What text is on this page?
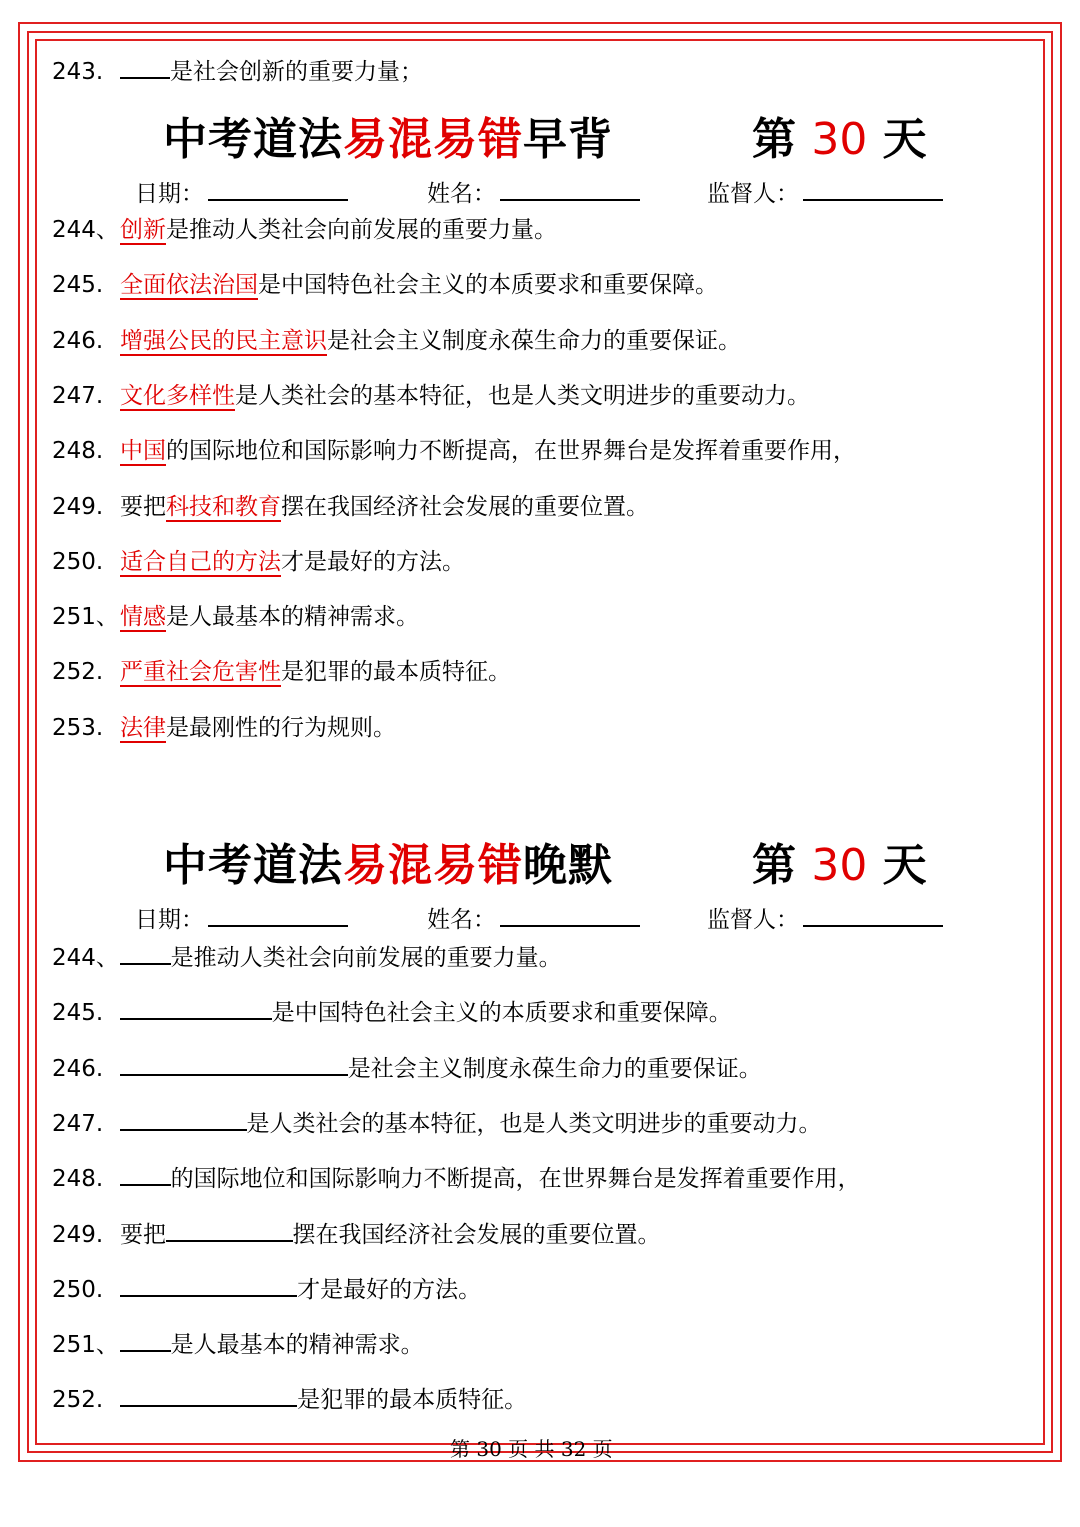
243.	是社会创新的重要力量；
中考道法易混易错早背	第 30 天
日期：	姓名：	监督人：
244、创新是推动人类社会向前发展的重要力量。
245. 全面依法治国是中国特色社会主义的本质要求和重要保障。
246. 增强公民的民主意识是社会主义制度永葆生命力的重要保证。
247. 文化多样性是人类社会的基本特征，也是人类文明进步的重要动力。
248. 中国的国际地位和国际影响力不断提高，在世界舞台是发挥着重要作用，
249. 要把科技和教育摆在我国经济社会发展的重要位置。
250. 适合自己的方法才是最好的方法。
251、情感是人最基本的精神需求。
252. 严重社会危害性是犯罪的最本质特征。
253. 法律是最刚性的行为规则。
中考道法易混易错晚默	第 30 天
日期：	姓名：	监督人：
244、 是推动人类社会向前发展的重要力量。
245.	是中国特色社会主义的本质要求和重要保障。
246.	是社会主义制度永葆生命力的重要保证。
247.	是人类社会的基本特征，也是人类文明进步的重要动力。
248.	的国际地位和国际影响力不断提高，在世界舞台是发挥着重要作用，
249. 要把	摆在我国经济社会发展的重要位置。
250.	才是最好的方法。
251、 是人最基本的精神需求。
252.	是犯罪的最本质特征。
第 30 页 共 32 页
